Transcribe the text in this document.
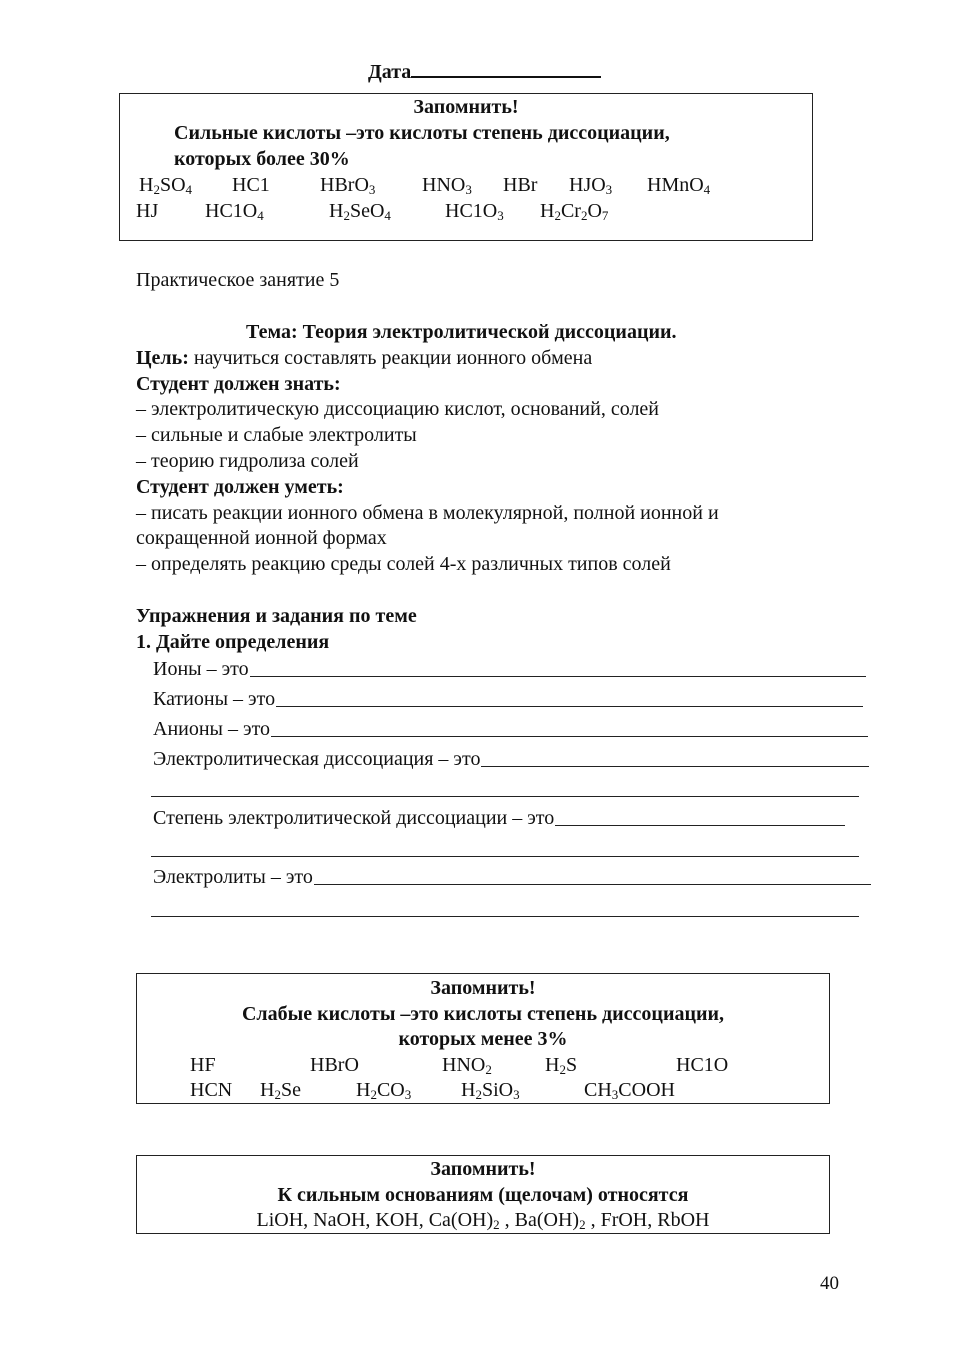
Дата
Запомнить!
Сильные кислоты –это кислоты степень диссоциации,
которых более 30%
$H_2SO_4$ HC1	HBrO$_3$ $HNO_3$ HBr $HJO_3$ HMnO$_4$
HJ $HC1O_4$	$H_2SeO_4$	$HC1O_3$ $H_2Cr_2O_7$
Практическое занятие 5
Тема: Теория электролитической диссоциации.
Цель: научиться составлять реакции ионного обмена
Студент должен знать:
– электролитическую диссоциацию кислот, оснований, солей
– сильные и слабые электролиты
– теорию гидролиза солей
Студент должен уметь:
– писать реакции ионного обмена в молекулярной, полной ионной и
сокращенной ионной формах
– определять реакцию среды солей 4-х различных типов солей
Упражнения и задания по теме
1. Дайте определения
Ионы – это
Катионы – это
Анионы – это
Электролитическая диссоциация – это
Степень электролитической диссоциации – это
Электролиты – это
Запомнить!
Слабые кислоты –это кислоты степень диссоциации,
которых менее 3%
HF	HBrO	$HNO_2$	$H_2S$	HC1O
HCN $H_2Se$	$H_2CO_3$ $H_2SiO_3$	$CH_3COOH$
Запомнить!
К сильным основаниям (щелочам) относятся
LiOH, NaOH, KOH, $Ca(OH)_2$ , $Ba(OH)_2$ , FrOH, RbOH
40
